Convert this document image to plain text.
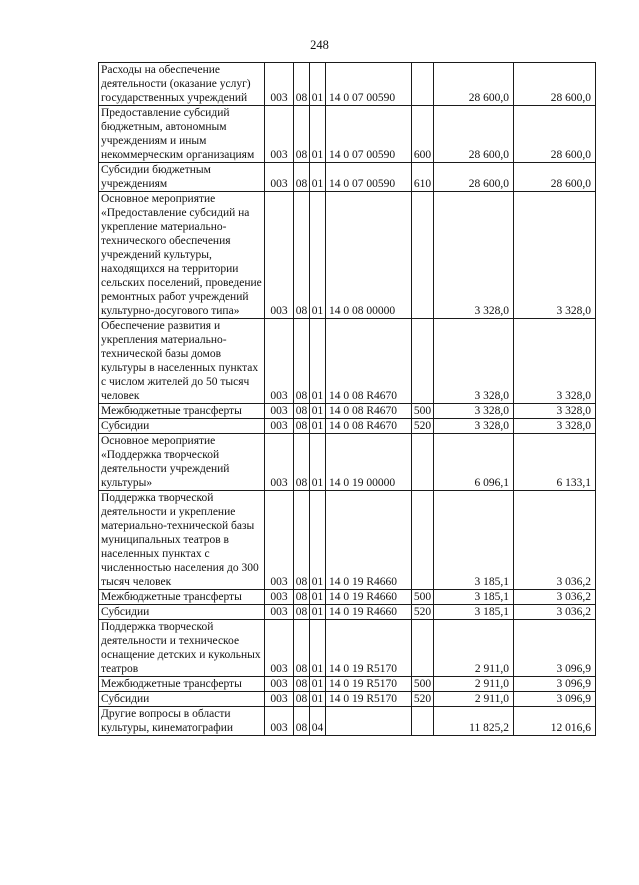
248
Расходы на обеспечение деятельности (оказание услуг) государственных учреждений	003	08	01	14 0 07 00590		28 600,0	28 600,0
Предоставление субсидий бюджетным, автономным учреждениям и иным некоммерческим организациям	003	08	01	14 0 07 00590	600	28 600,0	28 600,0
Субсидии бюджетным учреждениям	003	08	01	14 0 07 00590	610	28 600,0	28 600,0
Основное мероприятие «Предоставление субсидий на укрепление материально-технического обеспечения учреждений культуры, находящихся на территории сельских поселений, проведение ремонтных работ учреждений культурно-досугового типа»	003	08	01	14 0 08 00000		3 328,0	3 328,0
Обеспечение развития и укрепления материально-технической базы домов культуры в населенных пунктах с числом жителей до 50 тысяч человек	003	08	01	14 0 08 R4670		3 328,0	3 328,0
Межбюджетные трансферты	003	08	01	14 0 08 R4670	500	3 328,0	3 328,0
Субсидии	003	08	01	14 0 08 R4670	520	3 328,0	3 328,0
Основное мероприятие «Поддержка творческой деятельности учреждений культуры»	003	08	01	14 0 19 00000		6 096,1	6 133,1
Поддержка творческой деятельности и укрепление материально-технической базы муниципальных театров в населенных пунктах с численностью населения до 300 тысяч человек	003	08	01	14 0 19 R4660		3 185,1	3 036,2
Межбюджетные трансферты	003	08	01	14 0 19 R4660	500	3 185,1	3 036,2
Субсидии	003	08	01	14 0 19 R4660	520	3 185,1	3 036,2
Поддержка творческой деятельности и техническое оснащение детских и кукольных театров	003	08	01	14 0 19 R5170		2 911,0	3 096,9
Межбюджетные трансферты	003	08	01	14 0 19 R5170	500	2 911,0	3 096,9
Субсидии	003	08	01	14 0 19 R5170	520	2 911,0	3 096,9
Другие вопросы в области культуры, кинематографии	003	08	04			11 825,2	12 016,6
